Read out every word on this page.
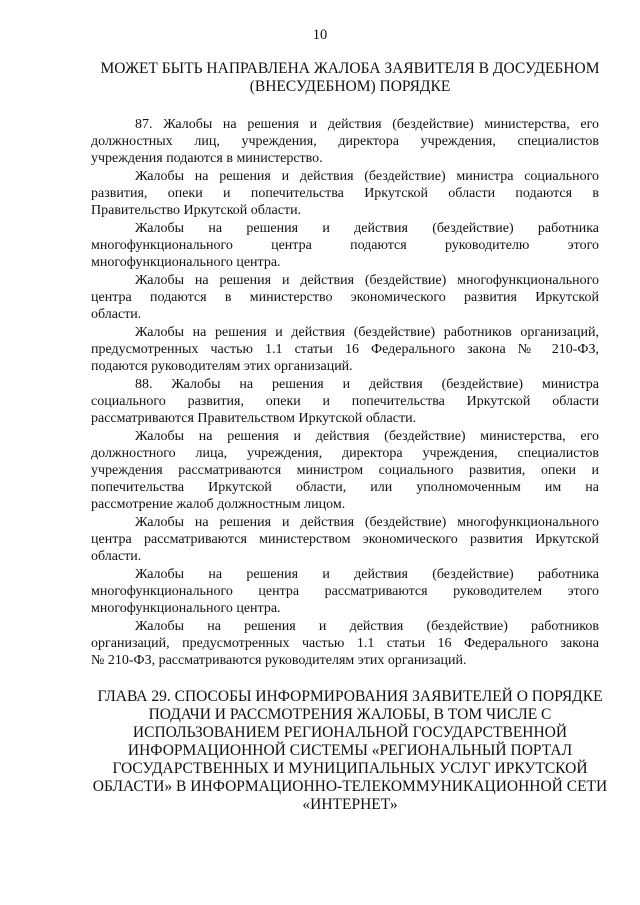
10
МОЖЕТ БЫТЬ НАПРАВЛЕНА ЖАЛОБА ЗАЯВИТЕЛЯ В ДОСУДЕБНОМ
(ВНЕСУДЕБНОМ) ПОРЯДКЕ
87. Жалобы на решения и действия (бездействие) министерства, его
должностных лиц, учреждения, директора учреждения, специалистов
учреждения подаются в министерство.
Жалобы на решения и действия (бездействие) министра социального
развития, опеки и попечительства Иркутской области подаются в
Правительство Иркутской области.
Жалобы на решения и действия (бездействие) работника
многофункционального центра подаются руководителю этого
многофункционального центра.
Жалобы на решения и действия (бездействие) многофункционального
центра подаются в министерство экономического развития Иркутской
области.
Жалобы на решения и действия (бездействие) работников организаций,
предусмотренных частью 1.1 статьи 16 Федерального закона № 210-ФЗ,
подаются руководителям этих организаций.
88. Жалобы на решения и действия (бездействие) министра
социального развития, опеки и попечительства Иркутской области
рассматриваются Правительством Иркутской области.
Жалобы на решения и действия (бездействие) министерства, его
должностного лица, учреждения, директора учреждения, специалистов
учреждения рассматриваются министром социального развития, опеки и
попечительства Иркутской области, или уполномоченным им на
рассмотрение жалоб должностным лицом.
Жалобы на решения и действия (бездействие) многофункционального
центра рассматриваются министерством экономического развития Иркутской
области.
Жалобы на решения и действия (бездействие) работника
многофункционального центра рассматриваются руководителем этого
многофункционального центра.
Жалобы на решения и действия (бездействие) работников
организаций, предусмотренных частью 1.1 статьи 16 Федерального закона
№ 210-ФЗ, рассматриваются руководителям этих организаций.
ГЛАВА 29. СПОСОБЫ ИНФОРМИРОВАНИЯ ЗАЯВИТЕЛЕЙ О ПОРЯДКЕ
ПОДАЧИ И РАССМОТРЕНИЯ ЖАЛОБЫ, В ТОМ ЧИСЛЕ С
ИСПОЛЬЗОВАНИЕМ РЕГИОНАЛЬНОЙ ГОСУДАРСТВЕННОЙ
ИНФОРМАЦИОННОЙ СИСТЕМЫ «РЕГИОНАЛЬНЫЙ ПОРТАЛ
ГОСУДАРСТВЕННЫХ И МУНИЦИПАЛЬНЫХ УСЛУГ ИРКУТСКОЙ
ОБЛАСТИ» В ИНФОРМАЦИОННО-ТЕЛЕКОММУНИКАЦИОННОЙ СЕТИ
«ИНТЕРНЕТ»
